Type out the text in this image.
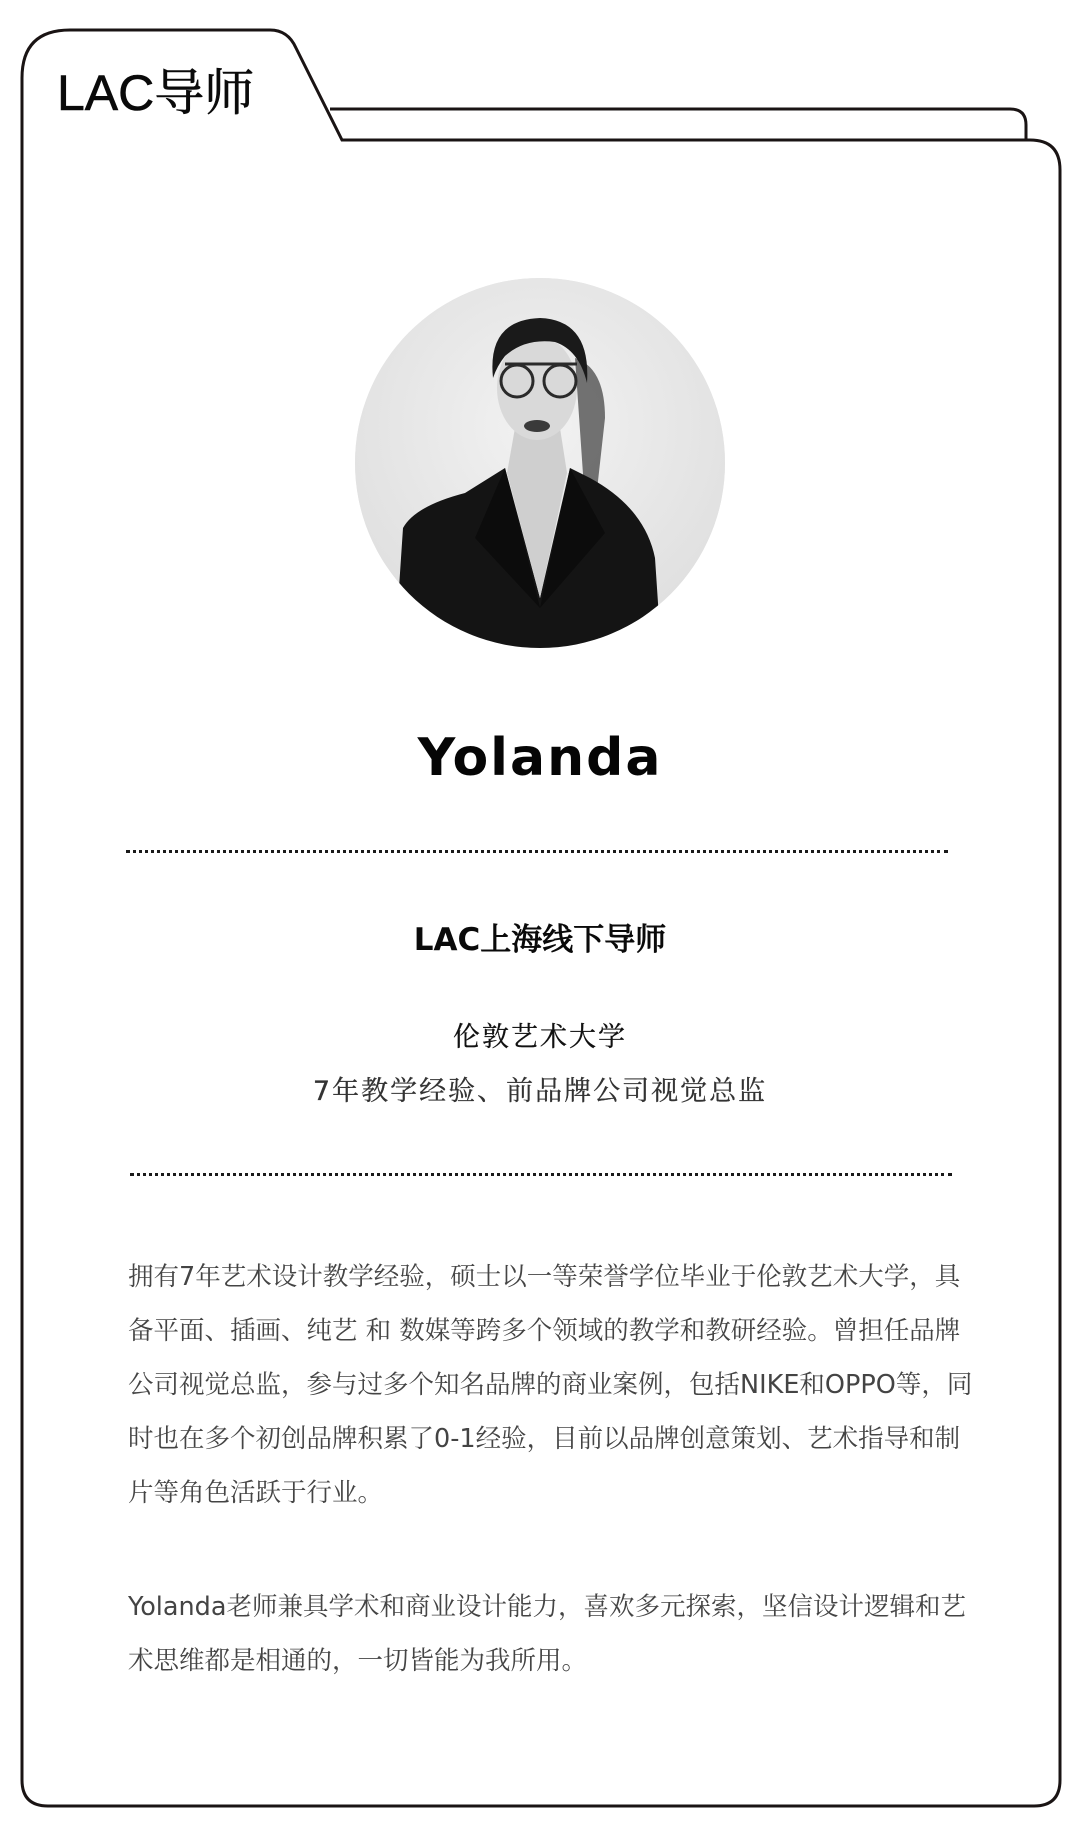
LAC导师
Yolanda
LAC上海线下导师
伦敦艺术大学
7年教学经验、前品牌公司视觉总监

拥有7年艺术设计教学经验，硕士以一等荣誉学位毕业于伦敦艺术大学，具备平面、插画、纯艺 和 数媒等跨多个领域的教学和教研经验。曾担任品牌公司视觉总监，参与过多个知名品牌的商业案例，包括NIKE和OPPO等，同时也在多个初创品牌积累了0-1经验，目前以品牌创意策划、艺术指导和制片等角色活跃于行业。

Yolanda老师兼具学术和商业设计能力，喜欢多元探索，坚信设计逻辑和艺术思维都是相通的，一切皆能为我所用。
